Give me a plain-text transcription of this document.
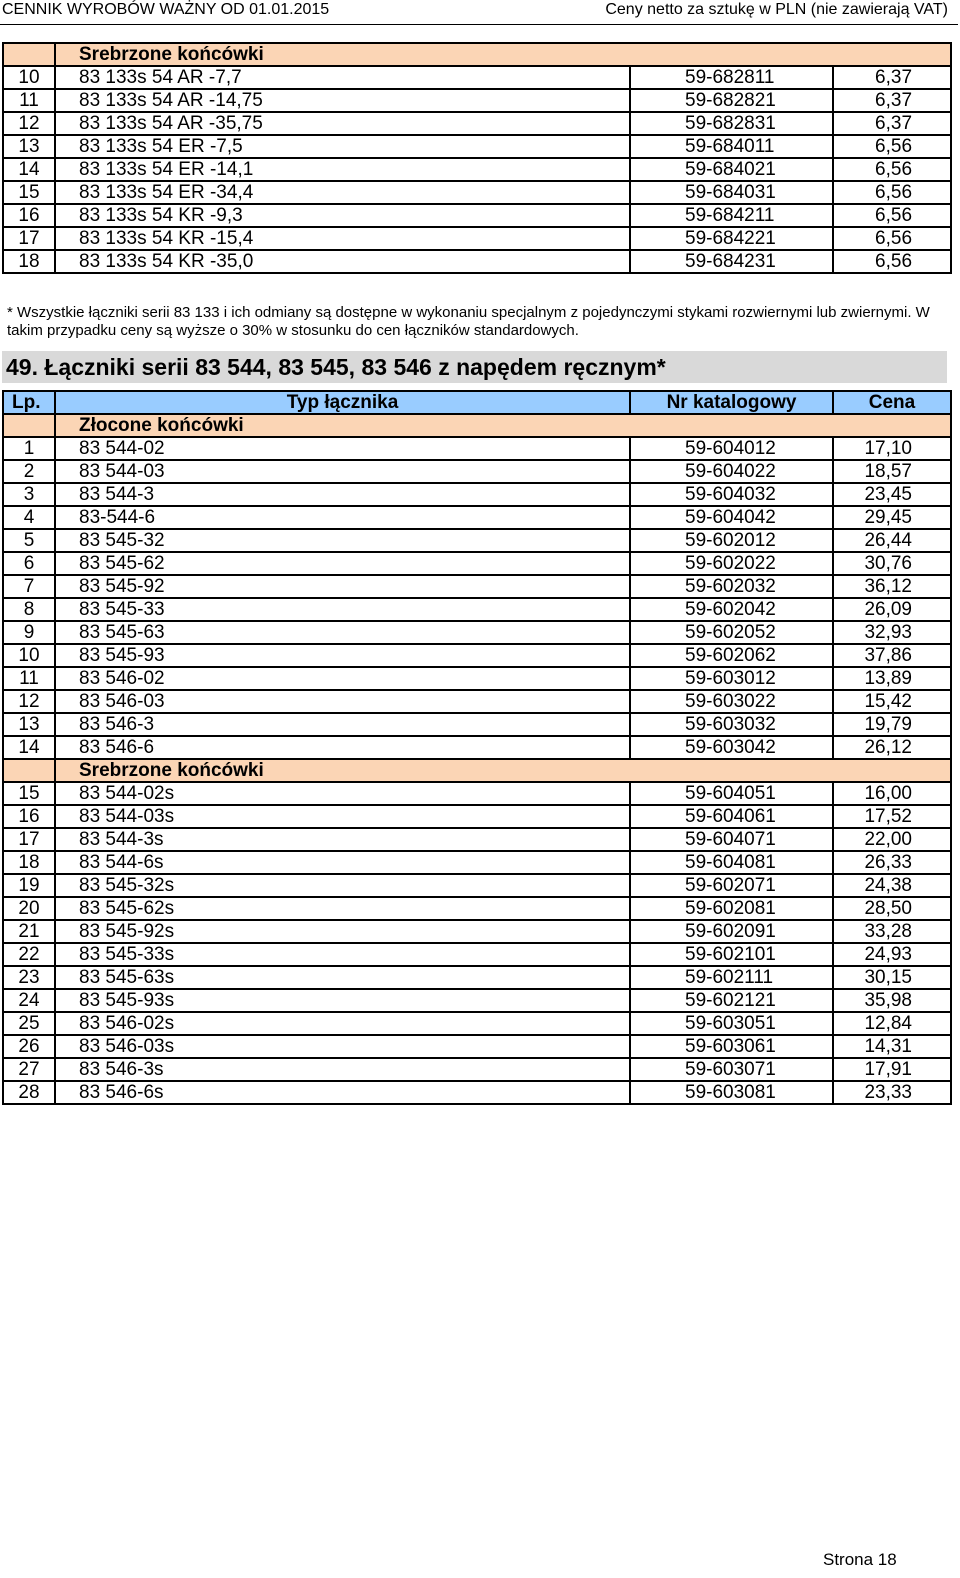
CENNIK WYROBÓW WAŻNY OD 01.01.2015	Ceny netto za sztukę w PLN (nie zawierają VAT)
	Srebrzone końcówki		
10	83 133s 54 AR -7,7	59-682811	6,37
11	83 133s 54 AR -14,75	59-682821	6,37
12	83 133s 54 AR -35,75	59-682831	6,37
13	83 133s 54 ER -7,5	59-684011	6,56
14	83 133s 54 ER -14,1	59-684021	6,56
15	83 133s 54 ER -34,4	59-684031	6,56
16	83 133s 54 KR -9,3	59-684211	6,56
17	83 133s 54 KR -15,4	59-684221	6,56
18	83 133s 54 KR -35,0	59-684231	6,56
* Wszystkie łączniki serii 83 133 i ich odmiany są dostępne w wykonaniu specjalnym z pojedynczymi stykami rozwiernymi lub zwiernymi. W takim przypadku ceny są wyższe o 30% w stosunku do cen łączników standardowych.
49. Łączniki serii 83 544, 83 545, 83 546 z napędem ręcznym*
Lp.	Typ łącznika	Nr katalogowy	Cena
	Złocone końcówki		
1	83 544-02	59-604012	17,10
2	83 544-03	59-604022	18,57
3	83 544-3	59-604032	23,45
4	83-544-6	59-604042	29,45
5	83 545-32	59-602012	26,44
6	83 545-62	59-602022	30,76
7	83 545-92	59-602032	36,12
8	83 545-33	59-602042	26,09
9	83 545-63	59-602052	32,93
10	83 545-93	59-602062	37,86
11	83 546-02	59-603012	13,89
12	83 546-03	59-603022	15,42
13	83 546-3	59-603032	19,79
14	83 546-6	59-603042	26,12
	Srebrzone końcówki		
15	83 544-02s	59-604051	16,00
16	83 544-03s	59-604061	17,52
17	83 544-3s	59-604071	22,00
18	83 544-6s	59-604081	26,33
19	83 545-32s	59-602071	24,38
20	83 545-62s	59-602081	28,50
21	83 545-92s	59-602091	33,28
22	83 545-33s	59-602101	24,93
23	83 545-63s	59-602111	30,15
24	83 545-93s	59-602121	35,98
25	83 546-02s	59-603051	12,84
26	83 546-03s	59-603061	14,31
27	83 546-3s	59-603071	17,91
28	83 546-6s	59-603081	23,33
Strona 18
